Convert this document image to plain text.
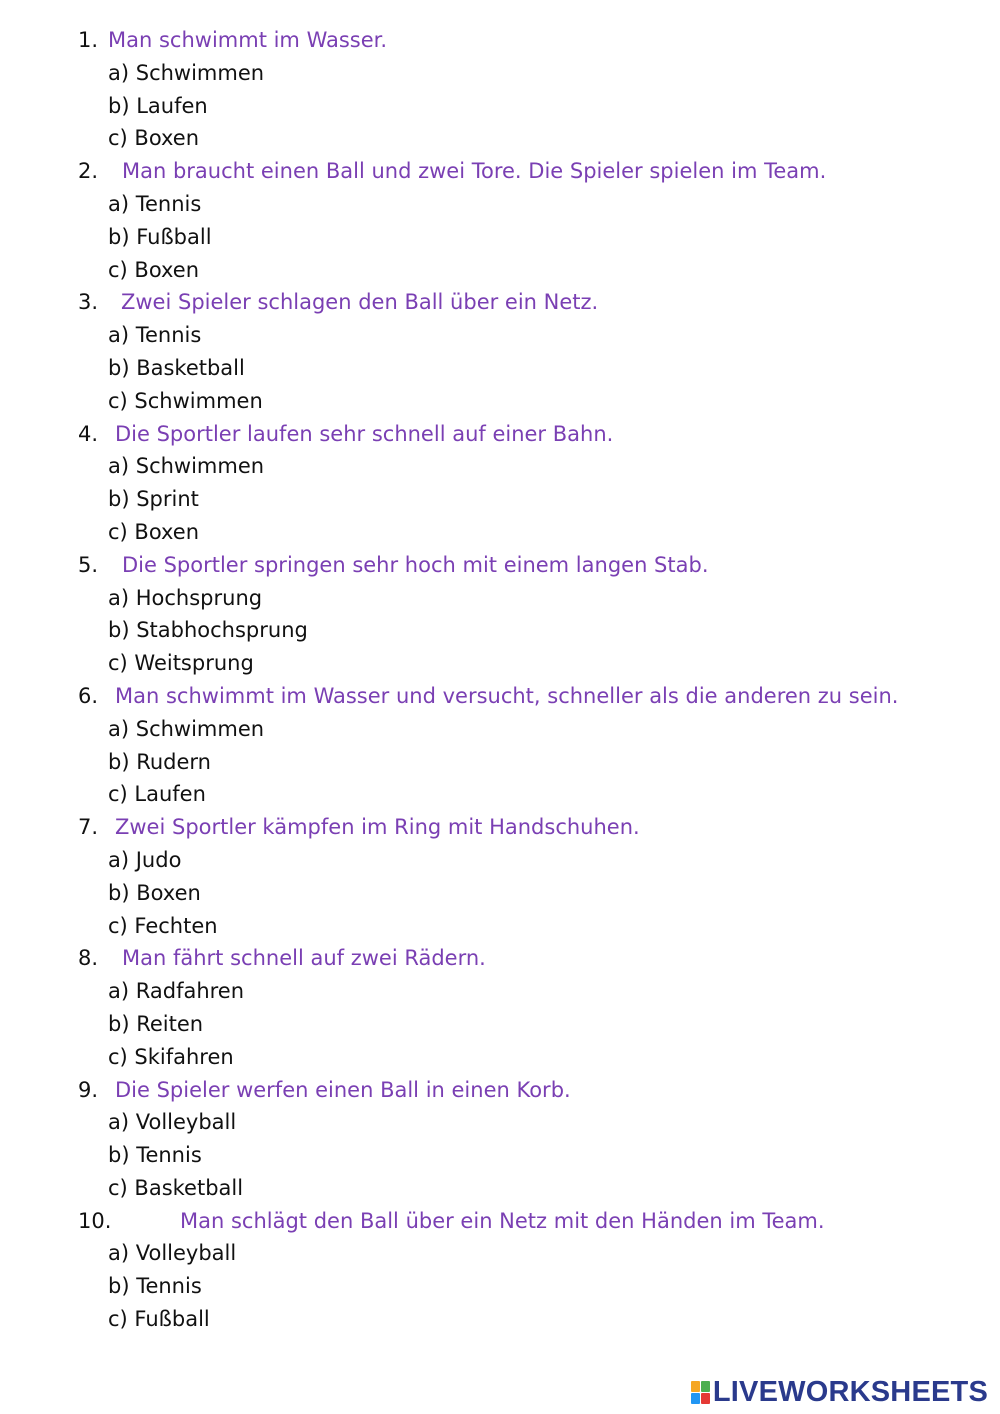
1. Man schwimmt im Wasser.
a) Schwimmen
b) Laufen
c) Boxen
2. Man braucht einen Ball und zwei Tore. Die Spieler spielen im Team.
a) Tennis
b) Fußball
c) Boxen
3. Zwei Spieler schlagen den Ball über ein Netz.
a) Tennis
b) Basketball
c) Schwimmen
4. Die Sportler laufen sehr schnell auf einer Bahn.
a) Schwimmen
b) Sprint
c) Boxen
5. Die Sportler springen sehr hoch mit einem langen Stab.
a) Hochsprung
b) Stabhochsprung
c) Weitsprung
6. Man schwimmt im Wasser und versucht, schneller als die anderen zu sein.
a) Schwimmen
b) Rudern
c) Laufen
7. Zwei Sportler kämpfen im Ring mit Handschuhen.
a) Judo
b) Boxen
c) Fechten
8. Man fährt schnell auf zwei Rädern.
a) Radfahren
b) Reiten
c) Skifahren
9. Die Spieler werfen einen Ball in einen Korb.
a) Volleyball
b) Tennis
c) Basketball
10.	Man schlägt den Ball über ein Netz mit den Händen im Team.
a) Volleyball
b) Tennis
c) Fußball
LIVEWORKSHEETS
